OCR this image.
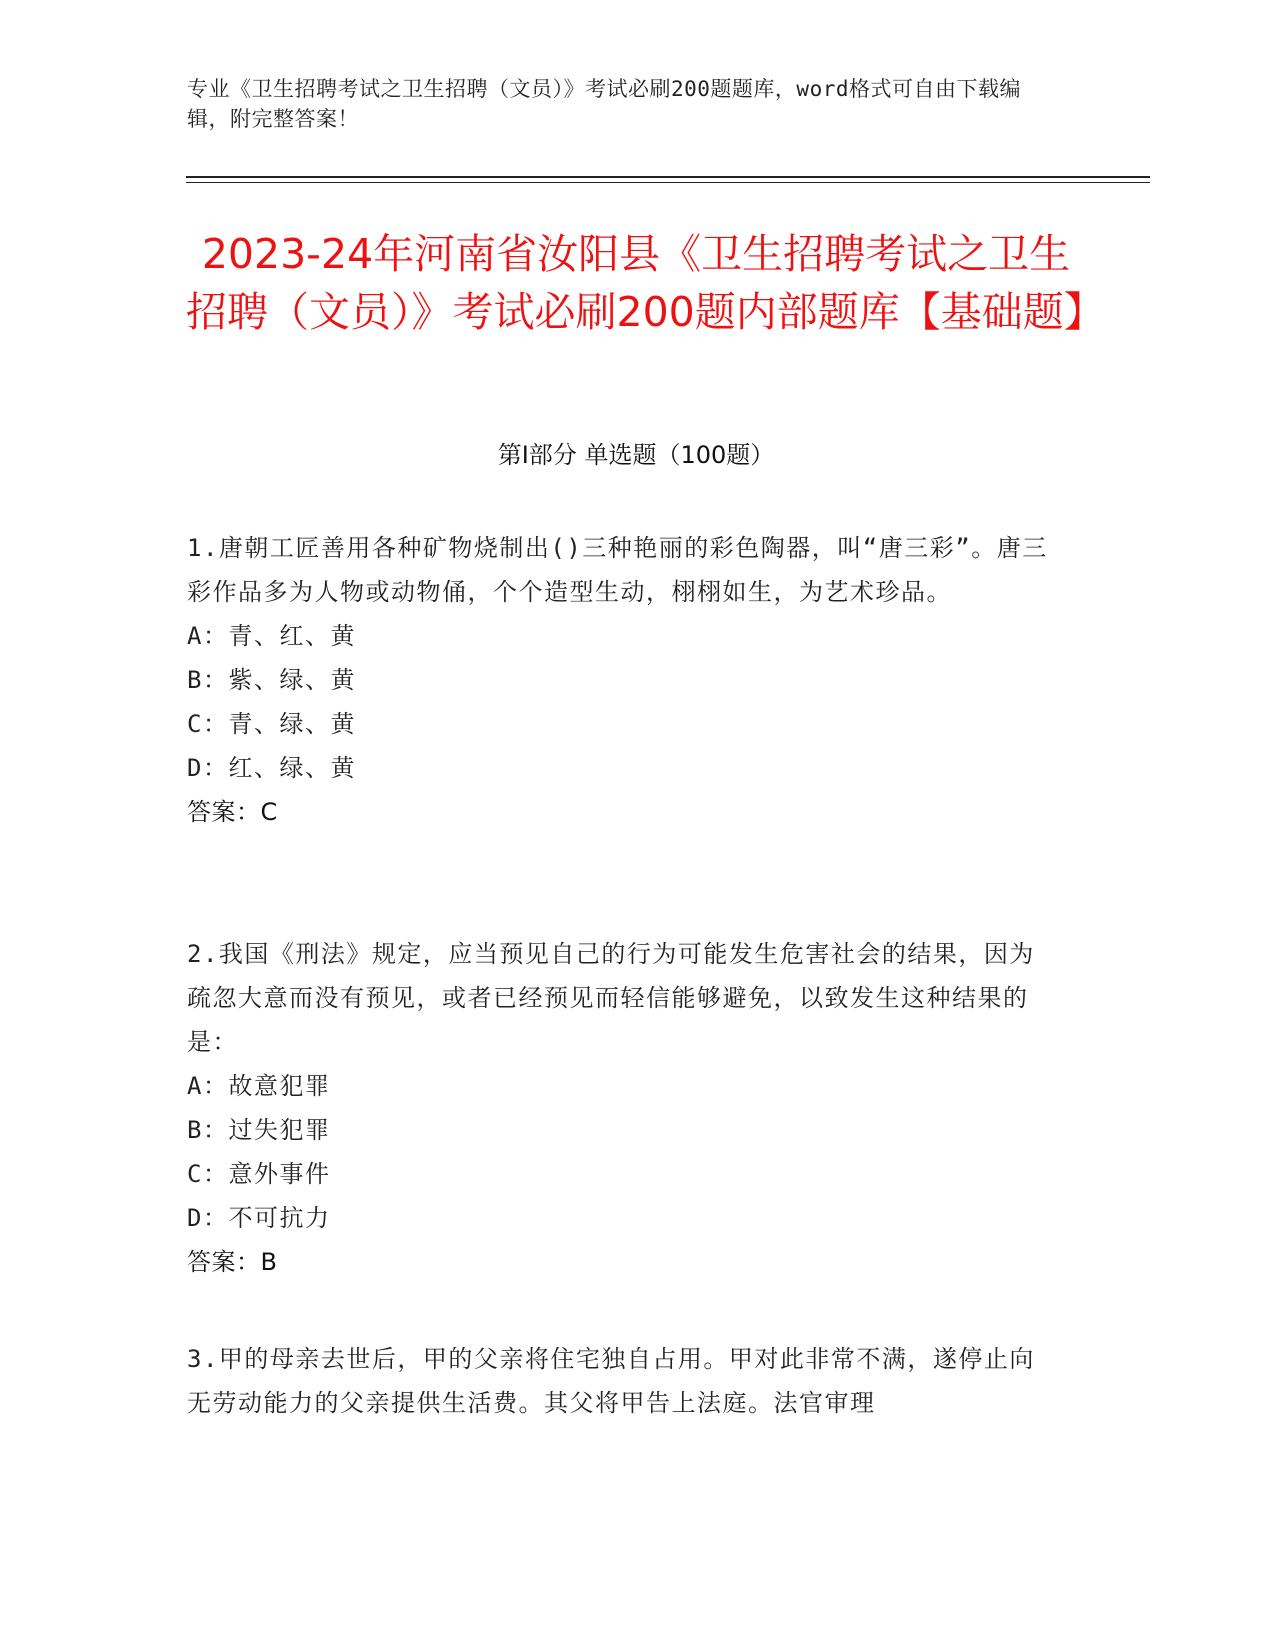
专业《卫生招聘考试之卫生招聘（文员）》考试必刷200题题库，word格式可自由下载编辑，附完整答案！
2023-24年河南省汝阳县《卫生招聘考试之卫生招聘（文员）》考试必刷200题内部题库【基础题】
第Ⅰ部分 单选题（100题）

1.唐朝工匠善用各种矿物烧制出()三种艳丽的彩色陶器，叫“唐三彩”。唐三彩作品多为人物或动物俑，个个造型生动，栩栩如生，为艺术珍品。

A：青、红、黄

B：紫、绿、黄

C：青、绿、黄

D：红、绿、黄

答案：C

2.我国《刑法》规定，应当预见自己的行为可能发生危害社会的结果，因为疏忽大意而没有预见，或者已经预见而轻信能够避免，以致发生这种结果的是：

A：故意犯罪

B：过失犯罪

C：意外事件

D：不可抗力

答案：B

3.甲的母亲去世后，甲的父亲将住宅独自占用。甲对此非常不满，遂停止向无劳动能力的父亲提供生活费。其父将甲告上法庭。法官审理
